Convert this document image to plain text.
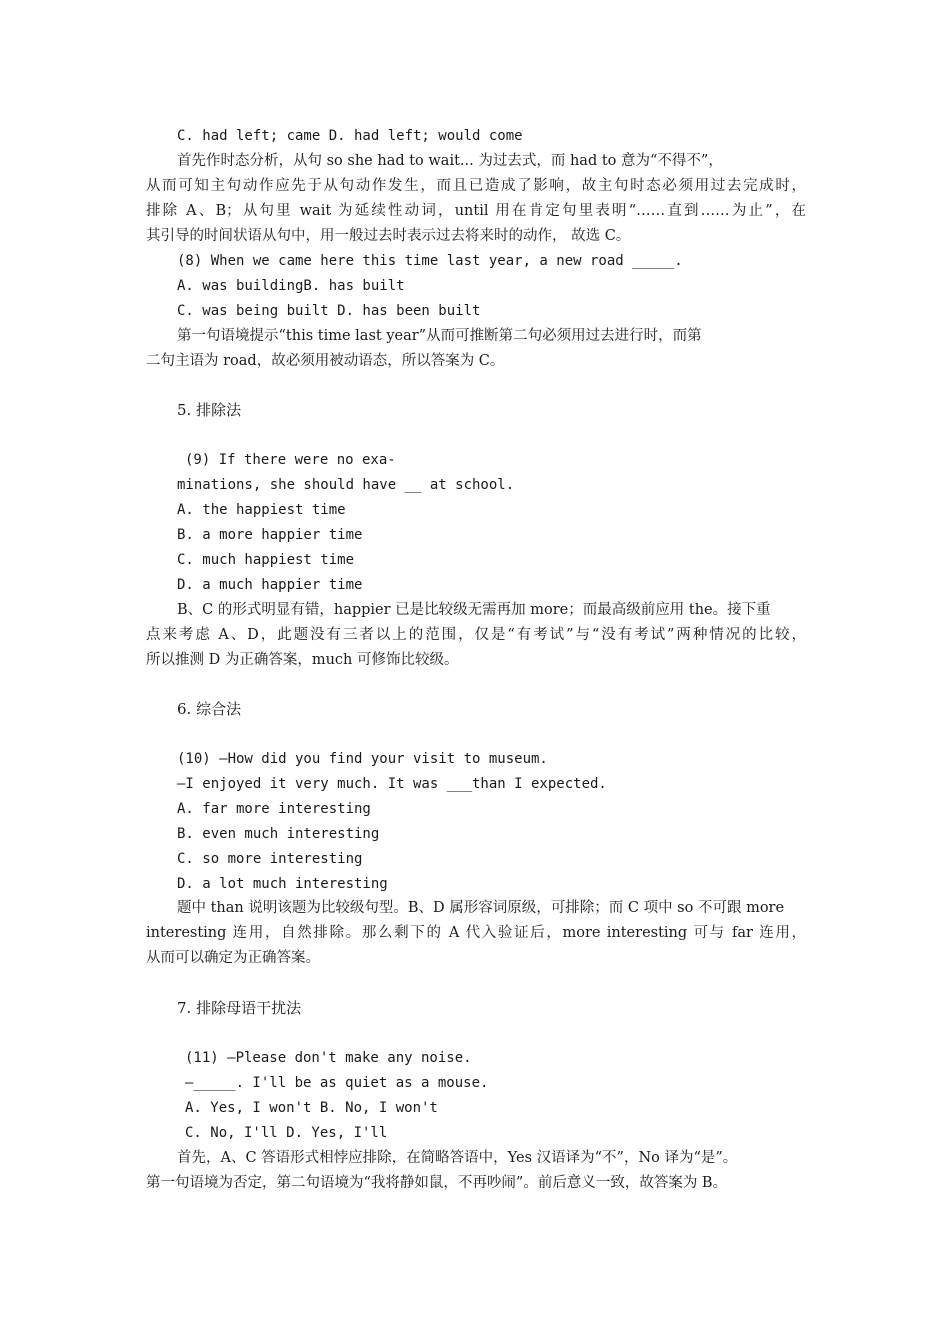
C. had left; came D. had left; would come
首先作时态分析，从句 so she had to wait... 为过去式，而 had to 意为“不得不”，
从而可知主句动作应先于从句动作发生，而且已造成了影响，故主句时态必须用过去完成时，
排除 A、B；从句里 wait 为延续性动词，until 用在肯定句里表明“……直到……为止”，在
其引导的时间状语从句中，用一般过去时表示过去将来时的动作， 故选 C。
(8) When we came here this time last year, a new road _____.
A. was buildingB. has built
C. was being built D. has been built
第一句语境提示“this time last year”从而可推断第二句必须用过去进行时，而第
二句主语为 road，故必须用被动语态，所以答案为 C。
5. 排除法
(9) If there were no exa-
minations, she should have __ at school.
A. the happiest time
B. a more happier time
C. much happiest time
D. a much happier time
B、C 的形式明显有错，happier 已是比较级无需再加 more；而最高级前应用 the。接下重
点来考虑 A、D，此题没有三者以上的范围，仅是“有考试”与“没有考试”两种情况的比较，
所以推测 D 为正确答案，much 可修饰比较级。
6. 综合法
(10) —How did you find your visit to museum.
—I enjoyed it very much. It was ___than I expected.
A. far more interesting
B. even much interesting
C. so more interesting
D. a lot much interesting
题中 than 说明该题为比较级句型。B、D 属形容词原级，可排除；而 C 项中 so 不可跟 more
interesting 连用，自然排除。那么剩下的 A 代入验证后，more interesting 可与 far 连用，
从而可以确定为正确答案。
7. 排除母语干扰法
(11) —Please don't make any noise.
—_____. I'll be as quiet as a mouse.
A. Yes, I won't B. No, I won't
C. No, I'll D. Yes, I'll
首先，A、C 答语形式相悖应排除，在简略答语中，Yes 汉语译为“不”，No 译为“是”。
第一句语境为否定，第二句语境为“我将静如鼠，不再吵闹”。前后意义一致，故答案为 B。
